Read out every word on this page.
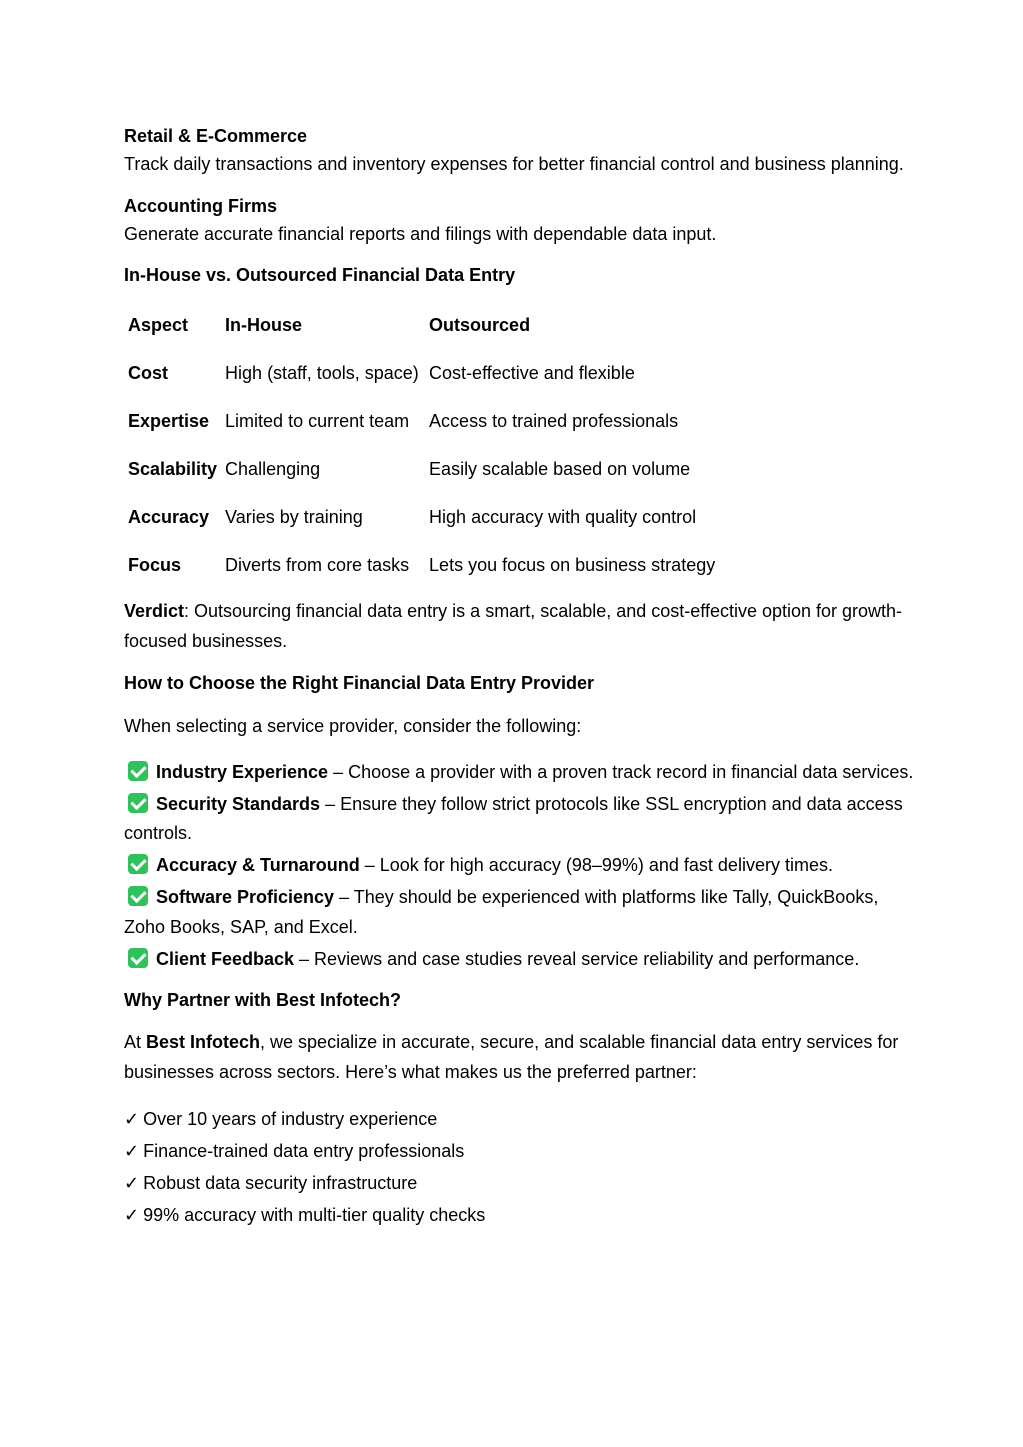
Retail & E-Commerce

Track daily transactions and inventory expenses for better financial control and business planning.

Accounting Firms

Generate accurate financial reports and filings with dependable data input.

In-House vs. Outsourced Financial Data Entry
Aspect	In-House	Outsourced
Cost	High (staff, tools, space)	Cost-effective and flexible
Expertise	Limited to current team	Access to trained professionals
Scalability	Challenging	Easily scalable based on volume
Accuracy	Varies by training	High accuracy with quality control
Focus	Diverts from core tasks	Lets you focus on business strategy

Verdict: Outsourcing financial data entry is a smart, scalable, and cost-effective option for growth-focused businesses.

How to Choose the Right Financial Data Entry Provider

When selecting a service provider, consider the following:

Industry Experience – Choose a provider with a proven track record in financial data services.
Security Standards – Ensure they follow strict protocols like SSL encryption and data access controls.
Accuracy & Turnaround – Look for high accuracy (98–99%) and fast delivery times.
Software Proficiency – They should be experienced with platforms like Tally, QuickBooks, Zoho Books, SAP, and Excel.
Client Feedback – Reviews and case studies reveal service reliability and performance.
Why Partner with Best Infotech?

At Best Infotech, we specialize in accurate, secure, and scalable financial data entry services for businesses across sectors. Here’s what makes us the preferred partner:

✓ Over 10 years of industry experience
✓ Finance-trained data entry professionals
✓ Robust data security infrastructure
✓ 99% accuracy with multi-tier quality checks
